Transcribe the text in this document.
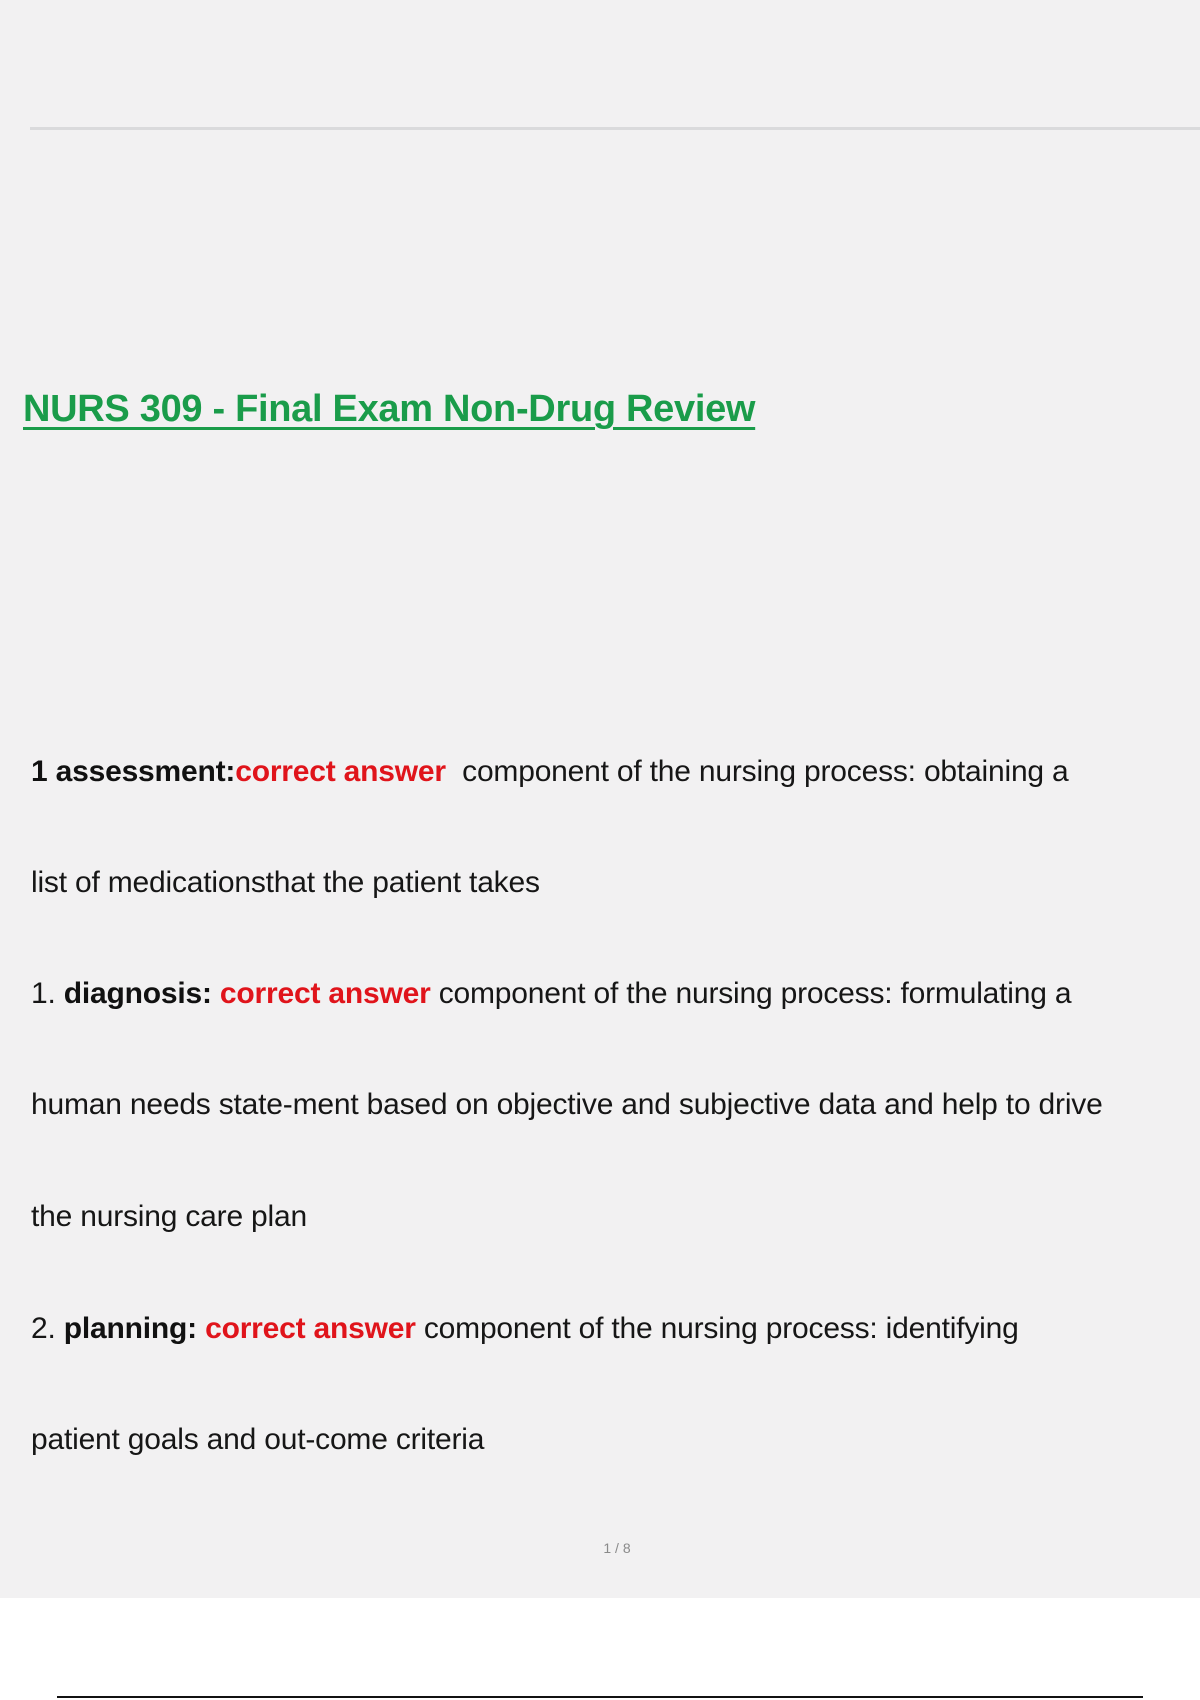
NURS 309 - Final Exam Non-Drug Review
1 assessment:correct answer component of the nursing process: obtaining a
list of medicationsthat the patient takes
1. diagnosis: correct answer component of the nursing process: formulating a
human needs state-ment based on objective and subjective data and help to drive
the nursing care plan
2. planning: correct answer component of the nursing process: identifying
patient goals and out-come criteria
1 / 8
